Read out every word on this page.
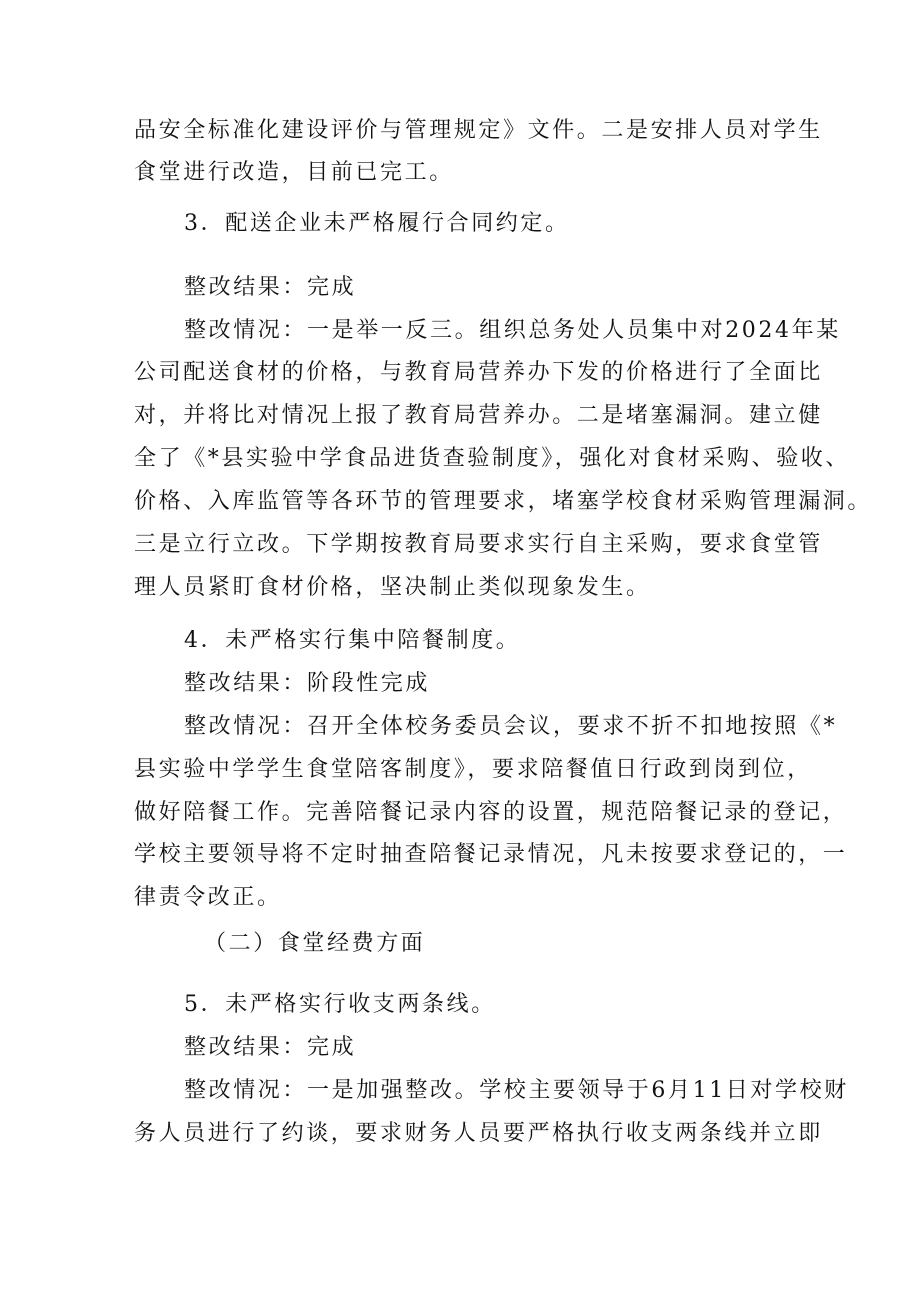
品安全标准化建设评价与管理规定》文件。二是安排人员对学生
食堂进行改造，目前已完工。
3．配送企业未严格履行合同约定。
整改结果：完成
整改情况：一是举一反三。组织总务处人员集中对2024年某
公司配送食材的价格，与教育局营养办下发的价格进行了全面比
对，并将比对情况上报了教育局营养办。二是堵塞漏洞。建立健
全了《*县实验中学食品进货查验制度》，强化对食材采购、验收、
价格、入库监管等各环节的管理要求，堵塞学校食材采购管理漏洞。
三是立行立改。下学期按教育局要求实行自主采购，要求食堂管
理人员紧盯食材价格，坚决制止类似现象发生。
4．未严格实行集中陪餐制度。
整改结果：阶段性完成
整改情况：召开全体校务委员会议，要求不折不扣地按照《*
县实验中学学生食堂陪客制度》，要求陪餐值日行政到岗到位，
做好陪餐工作。完善陪餐记录内容的设置，规范陪餐记录的登记，
学校主要领导将不定时抽查陪餐记录情况，凡未按要求登记的，一
律责令改正。
（二）食堂经费方面
5．未严格实行收支两条线。
整改结果：完成
整改情况：一是加强整改。学校主要领导于6月11日对学校财
务人员进行了约谈，要求财务人员要严格执行收支两条线并立即
